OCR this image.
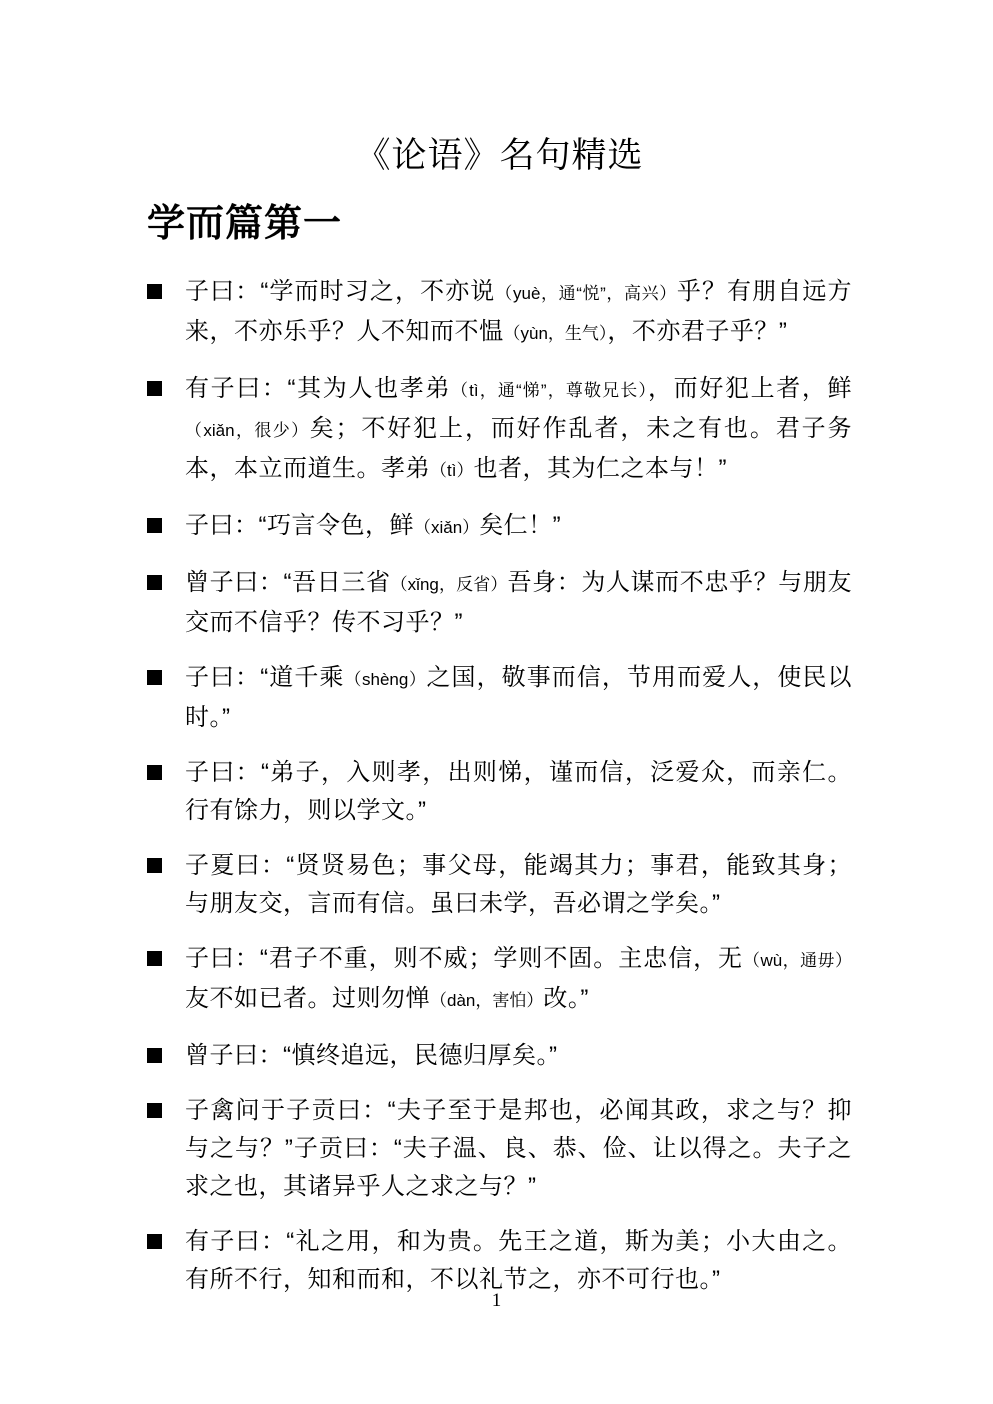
《论语》名句精选
学而篇第一
子曰：“学而时习之，不亦说（yuè，通“悦”，高兴）乎？有朋自远方来，不亦乐乎？人不知而不愠（yùn，生气），不亦君子乎？”
有子曰：“其为人也孝弟（tì，通“悌”，尊敬兄长），而好犯上者，鲜（xiǎn，很少）矣；不好犯上，而好作乱者，未之有也。君子务本，本立而道生。孝弟（tì）也者，其为仁之本与！”
子曰：“巧言令色，鲜（xiǎn）矣仁！”
曾子曰：“吾日三省（xǐng，反省）吾身：为人谋而不忠乎？与朋友交而不信乎？传不习乎？”
子曰：“道千乘（shèng）之国，敬事而信，节用而爱人，使民以时。”
子曰：“弟子，入则孝，出则悌，谨而信，泛爱众，而亲仁。行有馀力，则以学文。”
子夏曰：“贤贤易色；事父母，能竭其力；事君，能致其身；与朋友交，言而有信。虽曰未学，吾必谓之学矣。”
子曰：“君子不重，则不威；学则不固。主忠信，无（wù，通毋）友不如已者。过则勿惮（dàn，害怕）改。”
曾子曰：“慎终追远，民德归厚矣。”
子禽问于子贡曰：“夫子至于是邦也，必闻其政，求之与？抑与之与？”子贡曰：“夫子温、良、恭、俭、让以得之。夫子之求之也，其诸异乎人之求之与？”
有子曰：“礼之用，和为贵。先王之道，斯为美；小大由之。有所不行，知和而和，不以礼节之，亦不可行也。”
1
